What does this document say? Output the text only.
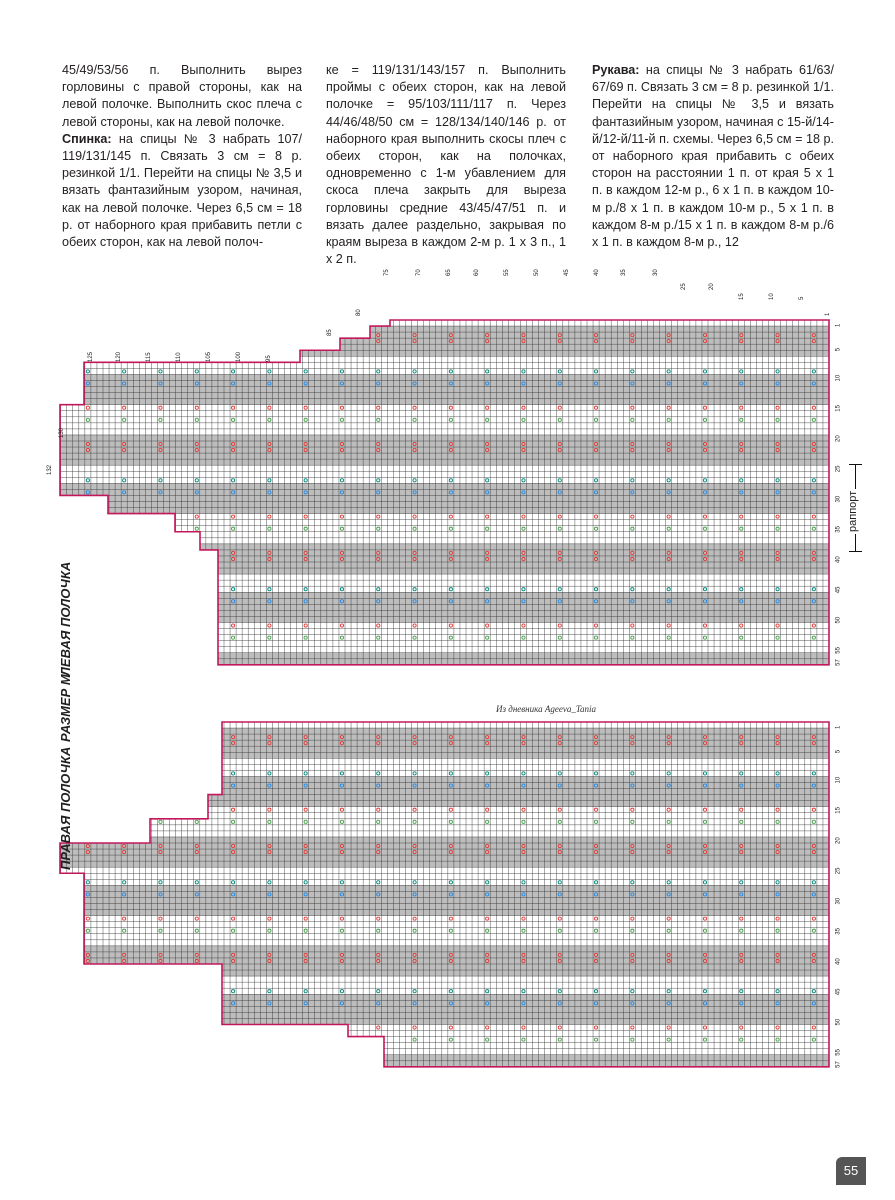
45/49/53/56 п. Выполнить вырез горловины с правой стороны, как на левой полочке. Выполнить скос плеча с левой стороны, как на левой полочке.

Спинка: на спицы № 3 набрать 107/ 119/131/145 п. Связать 3 см = 8 р. резинкой 1/1. Перейти на спицы № 3,5 и вязать фантазийным узором, начиная, как на левой полочке. Через 6,5 см = 18 р. от наборного края прибавить петли с обеих сторон, как на левой полоч-

ке = 119/131/143/157 п. Выполнить проймы с обеих сторон, как на левой полочке = 95/103/111/117 п. Через 44/46/48/50 см = 128/134/140/146 р. от наборного края выполнить скосы плеч с обеих сторон, как на полочках, одновременно с 1-м убавлением для скоса плеча закрыть для выреза горловины средние 43/45/47/51 п. и вязать далее раздельно, закрывая по краям выреза в каждом 2-м р. 1 х 3 п., 1 х 2 п.

Рукава: на спицы № 3 набрать 61/63/ 67/69 п. Связать 3 см = 8 р. резинкой 1/1. Перейти на спицы № 3,5 и вязать фантазийным узором, начиная с 15-й/14-й/12-й/11-й п. схемы. Через 6,5 см = 18 р. от наборного края прибавить с обеих сторон на расстоянии 1 п. от края 5 х 1 п. в каждом 12-м р., 6 х 1 п. в каждом 10-м р./8 х 1 п. в каждом 10-м р., 5 х 1 п. в каждом 8-м р./15 х 1 п. в каждом 8-м р./6 х 1 п. в каждом 8-м р., 12

1
5
10
15
20
25
30
35
40
45
50
55
57
1
5
10
15
20
25
30
35
40
45
50
55
57
132
130
125	120	115	110	105	100	95
85
80
75	70	65	60	55	50	45	40	35	30
25	20
15	10	5
1
ЛЕВАЯ ПОЛОЧКА
РАЗМЕР М
ПРАВАЯ ПОЛОЧКА
раппорт
Из дневника Ageeva_Tania
55
